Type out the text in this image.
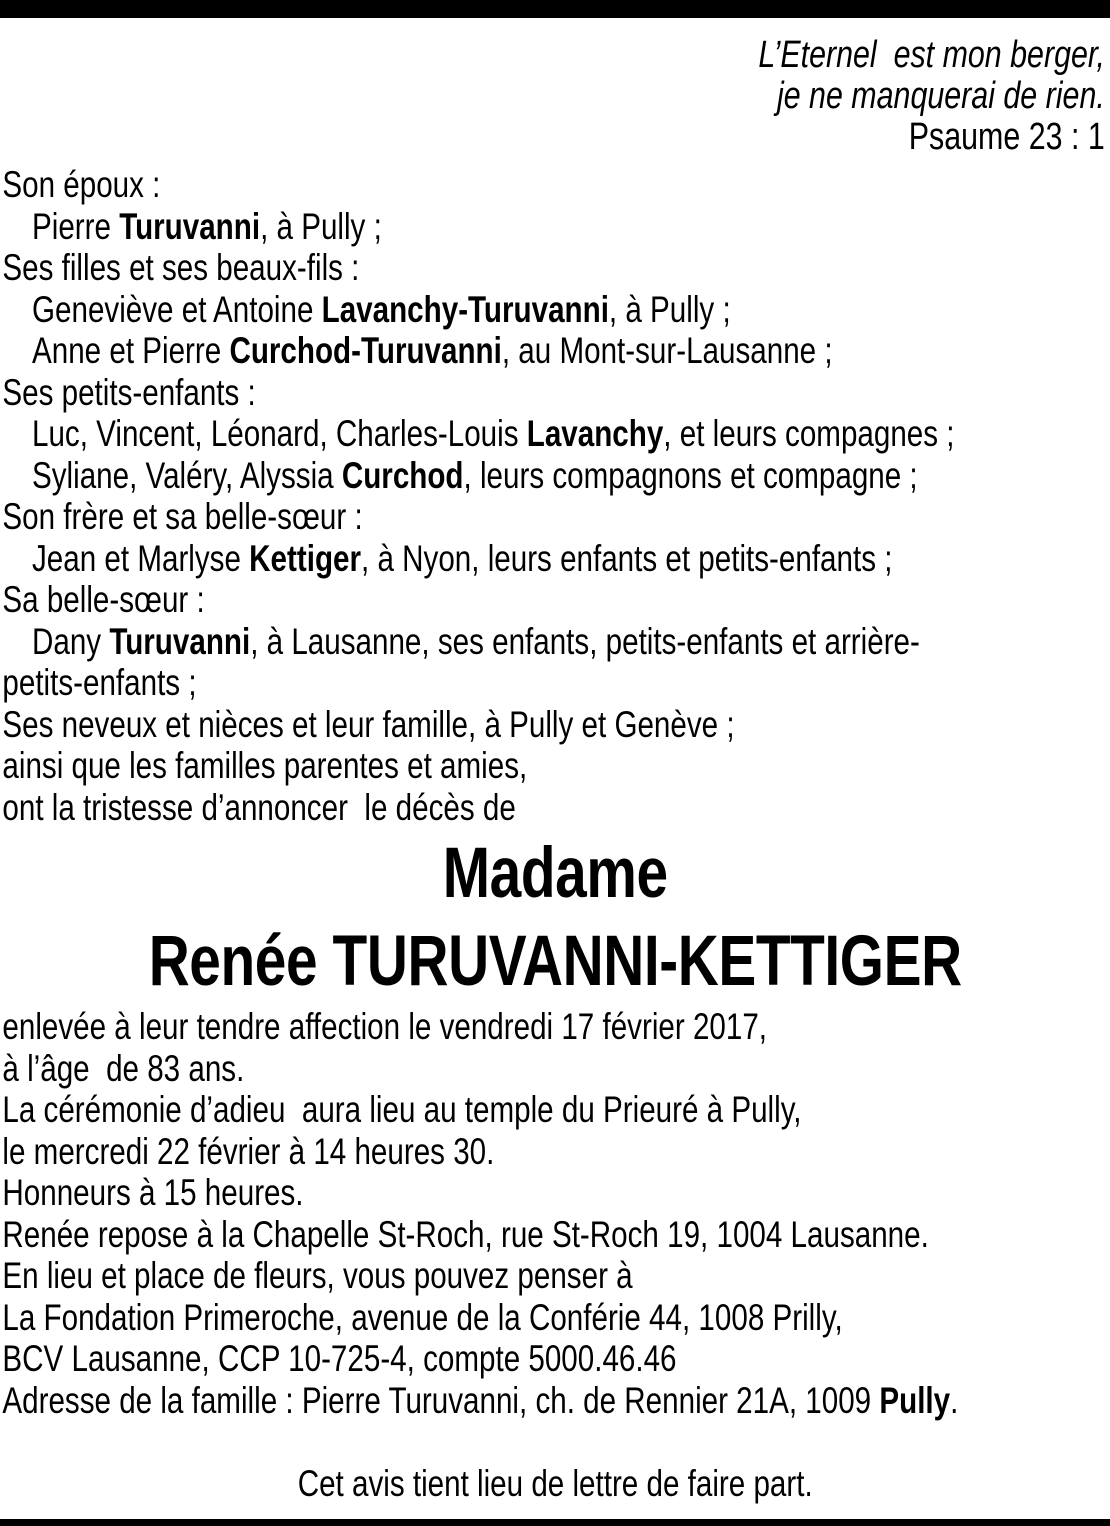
L’Eternel  est mon berger,
je ne manquerai de rien.
Psaume 23 : 1
Son époux :
Pierre Turuvanni, à Pully ;
Ses filles et ses beaux-fils :
Geneviève et Antoine Lavanchy-Turuvanni, à Pully ;
Anne et Pierre Curchod-Turuvanni, au Mont-sur-Lausanne ;
Ses petits-enfants :
Luc, Vincent, Léonard, Charles-Louis Lavanchy, et leurs compagnes ;
Syliane, Valéry, Alyssia Curchod, leurs compagnons et compagne ;
Son frère et sa belle-sœur :
Jean et Marlyse Kettiger, à Nyon, leurs enfants et petits-enfants ;
Sa belle-sœur :
Dany Turuvanni, à Lausanne, ses enfants, petits-enfants et arrière-
petits-enfants ;
Ses neveux et nièces et leur famille, à Pully et Genève ;
ainsi que les familles parentes et amies,
ont la tristesse d’annoncer  le décès de
Madame
Renée TURUVANNI-KETTIGER
enlevée à leur tendre affection le vendredi 17 février 2017,
à l’âge  de 83 ans.
La cérémonie d’adieu  aura lieu au temple du Prieuré à Pully,
le mercredi 22 février à 14 heures 30.
Honneurs à 15 heures.
Renée repose à la Chapelle St-Roch, rue St-Roch 19, 1004 Lausanne.
En lieu et place de fleurs, vous pouvez penser à
La Fondation Primeroche, avenue de la Conférie 44, 1008 Prilly,
BCV Lausanne, CCP 10-725-4, compte 5000.46.46
Adresse de la famille : Pierre Turuvanni, ch. de Rennier 21A, 1009 Pully.
Cet avis tient lieu de lettre de faire part.
